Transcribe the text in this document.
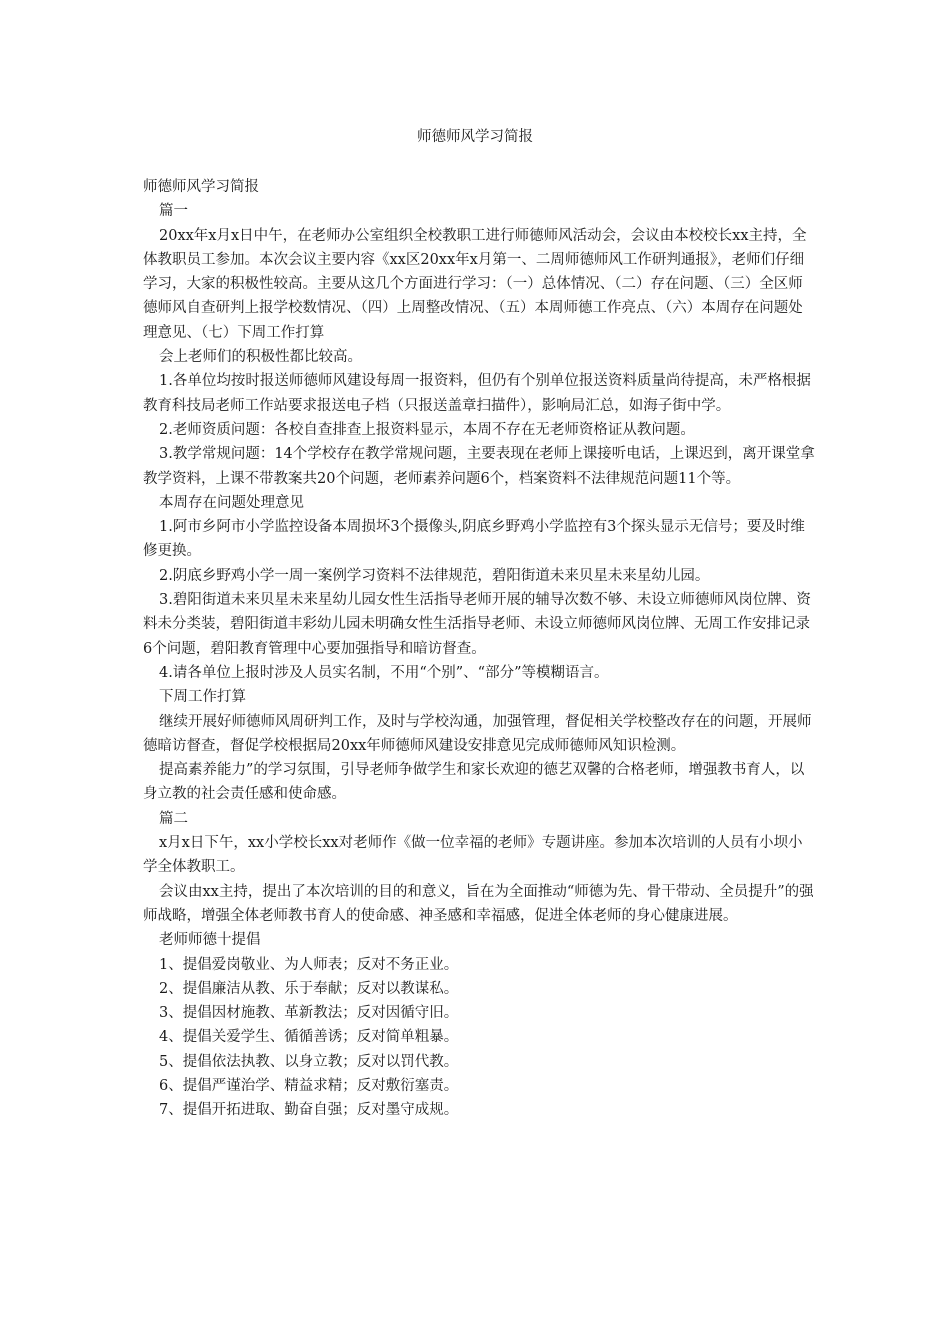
师德师风学习简报

师德师风学习简报

篇一

20xx年x月x日中午，在老师办公室组织全校教职工进行师德师风活动会，会议由本校校长xx主持，全体教职员工参加。本次会议主要内容《xx区20xx年x月第一、二周师德师风工作研判通报》，老师们仔细学习，大家的积极性较高。主要从这几个方面进行学习：（一）总体情况、（二）存在问题、（三）全区师德师风自查研判上报学校数情况、（四）上周整改情况、（五）本周师德工作亮点、（六）本周存在问题处理意见、（七）下周工作打算

会上老师们的积极性都比较高。

1.各单位均按时报送师德师风建设每周一报资料，但仍有个别单位报送资料质量尚待提高，未严格根据教育科技局老师工作站要求报送电子档（只报送盖章扫描件），影响局汇总，如海子街中学。

2.老师资质问题：各校自查排查上报资料显示，本周不存在无老师资格证从教问题。

3.教学常规问题：14个学校存在教学常规问题，主要表现在老师上课接听电话，上课迟到，离开课堂拿教学资料，上课不带教案共20个问题，老师素养问题6个，档案资料不法律规范问题11个等。

本周存在问题处理意见

1.阿市乡阿市小学监控设备本周损坏3个摄像头,阴底乡野鸡小学监控有3个探头显示无信号；要及时维修更换。

2.阴底乡野鸡小学一周一案例学习资料不法律规范，碧阳街道未来贝星未来星幼儿园。

3.碧阳街道未来贝星未来星幼儿园女性生活指导老师开展的辅导次数不够、未设立师德师风岗位牌、资料未分类装，碧阳街道丰彩幼儿园未明确女性生活指导老师、未设立师德师风岗位牌、无周工作安排记录6个问题，碧阳教育管理中心要加强指导和暗访督查。

4.请各单位上报时涉及人员实名制，不用“个别”、“部分”等模糊语言。

下周工作打算

继续开展好师德师风周研判工作，及时与学校沟通，加强管理，督促相关学校整改存在的问题，开展师德暗访督查，督促学校根据局20xx年师德师风建设安排意见完成师德师风知识检测。

提高素养能力”的学习氛围，引导老师争做学生和家长欢迎的德艺双馨的合格老师，增强教书育人，以身立教的社会责任感和使命感。

篇二

x月x日下午，xx小学校长xx对老师作《做一位幸福的老师》专题讲座。参加本次培训的人员有小坝小学全体教职工。

会议由xx主持，提出了本次培训的目的和意义，旨在为全面推动“师德为先、骨干带动、全员提升”的强师战略，增强全体老师教书育人的使命感、神圣感和幸福感，促进全体老师的身心健康进展。

老师师德十提倡

1、提倡爱岗敬业、为人师表；反对不务正业。

2、提倡廉洁从教、乐于奉献；反对以教谋私。

3、提倡因材施教、革新教法；反对因循守旧。

4、提倡关爱学生、循循善诱；反对简单粗暴。

5、提倡依法执教、以身立教；反对以罚代教。

6、提倡严谨治学、精益求精；反对敷衍塞责。

7、提倡开拓进取、勤奋自强；反对墨守成规。
